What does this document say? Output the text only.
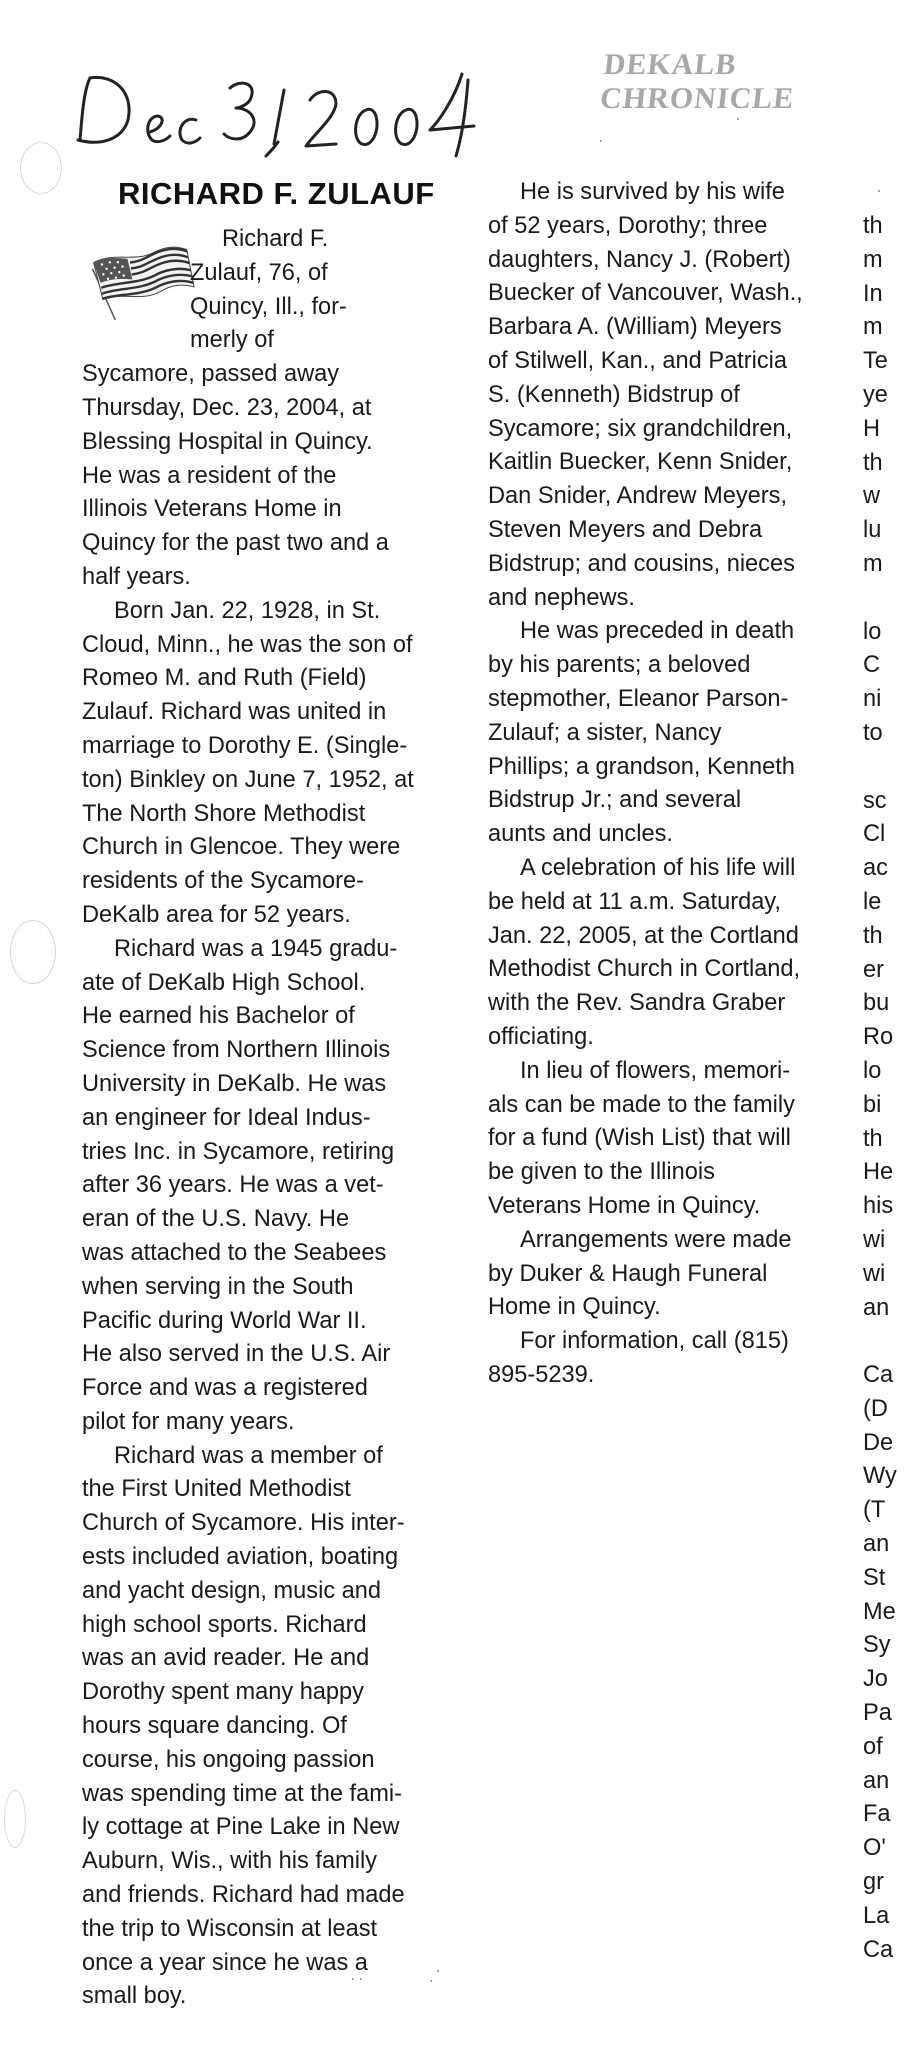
DEKALB CHRONICLE
RICHARD F. ZULAUF

Richard F.

Zulauf, 76, of

Quincy, Ill., for-

merly of

Sycamore, passed away

Thursday, Dec. 23, 2004, at

Blessing Hospital in Quincy.

He was a resident of the

Illinois Veterans Home in

Quincy for the past two and a

half years.

Born Jan. 22, 1928, in St.

Cloud, Minn., he was the son of

Romeo M. and Ruth (Field)

Zulauf. Richard was united in

marriage to Dorothy E. (Single-

ton) Binkley on June 7, 1952, at

The North Shore Methodist

Church in Glencoe. They were

residents of the Sycamore-

DeKalb area for 52 years.

Richard was a 1945 gradu-

ate of DeKalb High School.

He earned his Bachelor of

Science from Northern Illinois

University in DeKalb. He was

an engineer for Ideal Indus-

tries Inc. in Sycamore, retiring

after 36 years. He was a vet-

eran of the U.S. Navy. He

was attached to the Seabees

when serving in the South

Pacific during World War II.

He also served in the U.S. Air

Force and was a registered

pilot for many years.

Richard was a member of

the First United Methodist

Church of Sycamore. His inter-

ests included aviation, boating

and yacht design, music and

high school sports. Richard

was an avid reader. He and

Dorothy spent many happy

hours square dancing. Of

course, his ongoing passion

was spending time at the fami-

ly cottage at Pine Lake in New

Auburn, Wis., with his family

and friends. Richard had made

the trip to Wisconsin at least

once a year since he was a

small boy.

He is survived by his wife

of 52 years, Dorothy; three

daughters, Nancy J. (Robert)

Buecker of Vancouver, Wash.,

Barbara A. (William) Meyers

of Stilwell, Kan., and Patricia

S. (Kenneth) Bidstrup of

Sycamore; six grandchildren,

Kaitlin Buecker, Kenn Snider,

Dan Snider, Andrew Meyers,

Steven Meyers and Debra

Bidstrup; and cousins, nieces

and nephews.

He was preceded in death

by his parents; a beloved

stepmother, Eleanor Parson-

Zulauf; a sister, Nancy

Phillips; a grandson, Kenneth

Bidstrup Jr.; and several

aunts and uncles.

A celebration of his life will

be held at 11 a.m. Saturday,

Jan. 22, 2005, at the Cortland

Methodist Church in Cortland,

with the Rev. Sandra Graber

officiating.

In lieu of flowers, memori-

als can be made to the family

for a fund (Wish List) that will

be given to the Illinois

Veterans Home in Quincy.

Arrangements were made

by Duker & Haugh Funeral

Home in Quincy.

For information, call (815)

895-5239.

th
m
In
m
Te
ye
H
th
w
lu
m
lo
C
ni
to
sc
Cl
ac
le
th
er
bu
Ro
lo
bi
th
He
his
wi
wi
an
Ca
(D
De
Wy
(T
an
St
Me
Sy
Jo
Pa
of
an
Fa
O'
gr
La
Ca
